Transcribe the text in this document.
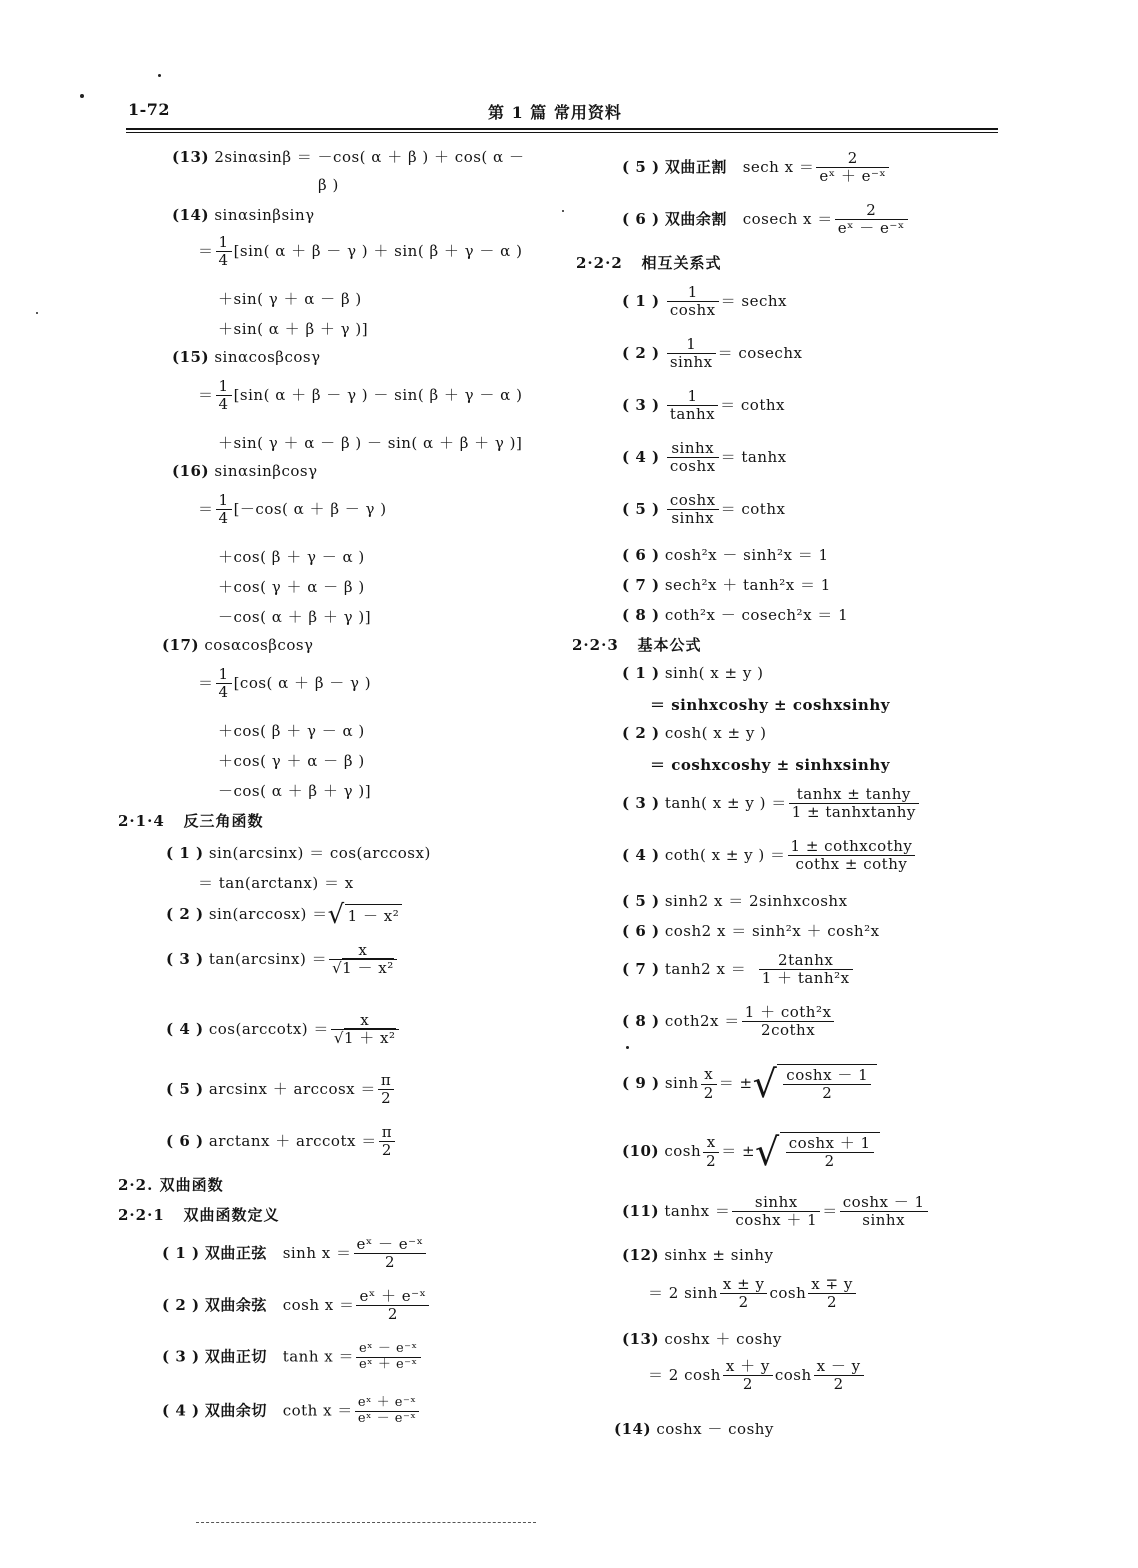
1-72	第 1 篇 常用资料
(13) 2sinαsinβ ＝ －cos( α ＋ β ) ＋ cos( α －
β )
(14) sinαsinβsinγ
＝ $\frac{1}{4} [\sin$( α ＋ β － γ ) ＋ sin( β ＋ γ － α )
＋sin( γ ＋ α － β )
＋sin( α ＋ β ＋ γ )]
(15) sinαcosβcosγ
＝ $\frac{1}{4} [\sin$( α ＋ β － γ ) － sin( β ＋ γ － α )
＋sin( γ ＋ α － β ) － sin( α ＋ β ＋ γ )]
(16) sinαsinβcosγ
＝ $\frac{1}{4} [-\cos$( α ＋ β － γ )
＋cos( β ＋ γ － α )
＋cos( γ ＋ α － β )
－cos( α ＋ β ＋ γ )]
(17) cosαcosβcosγ
＝ $\frac{1}{4} [\cos$( α ＋ β － γ )
＋cos( β ＋ γ － α )
＋cos( γ ＋ α － β )
－cos( α ＋ β ＋ γ )]
2·1·4 反三角函数
( 1 ) sin(arcsinx) ＝ cos(arccosx)
＝ tan(arctanx) ＝ x
( 2 ) sin(arccosx) ＝√ 1 － x²
( 3 ) $\tan(\arcsin x) = \frac{x}{\text{√1 － x²}}$
( 4 ) $\cos(arccotx) = \frac{x}{\text{√1 ＋ x²}}$
( 5 ) $\arcsin x + \arccos x = \frac{\pi}{2}$
( 6 ) $\arctan x + arccotx = \frac{\pi}{2}$
2·2. 双曲函数
2·2·1 双曲函数定义
( 1 ) 双曲正弦 $\sinh x = \frac{\text{eˣ － e⁻ˣ}}{2}$
( 2 ) 双曲余弦 $\cosh x = \frac{\text{eˣ ＋ e⁻ˣ}}{2}$
( 3 ) 双曲正切 $\tanh x = \frac{\text{eˣ － e⁻ˣ}}{\text{eˣ ＋ e⁻ˣ}}$
( 4 ) 双曲余切 coth $x = \frac{\text{eˣ ＋ e⁻ˣ}}{\text{eˣ － e⁻ˣ}}$
( 5 ) 双曲正割 sech $x = \frac{2}{\text{eˣ ＋ e⁻ˣ}}$
( 6 ) 双曲余割 cosech $x = \frac{2}{\text{eˣ － e⁻ˣ}}$
2·2·2 相互关系式
( 1 ) $\frac{1}{\cosh x}$ ＝ sechx
( 2 ) $\frac{1}{\sinh x}$ ＝ cosechx
( 3 ) $\frac{1}{\tanh x}$ ＝ cothx
( 4 ) $\frac{\sinh x}{\cosh x} = \tanh x$
( 5 ) $\frac{\cosh x}{\sinh x}$ ＝ cothx
( 6 ) cosh²x － sinh²x ＝ 1
( 7 ) sech²x ＋ tanh²x ＝ 1
( 8 ) coth²x － cosech²x ＝ 1
2·2·3 基本公式
( 1 ) sinh( x ± y )
＝ sinhxcoshy ± coshxsinhy
( 2 ) cosh( x ± y )
＝ coshxcoshy ± sinhxsinhy
( 3 ) tanh( x ± y ) ＝ $\frac{\tanh x \pm \tanh y}{\text{1 ± tanhxtanhy}}$
( 4 ) coth( x ± y ) ＝ $\frac{\text{1 ± cothxcothy}}{\text{cothx ± cothy}}$
( 5 ) sinh2 x ＝ 2sinhxcoshx
( 6 ) cosh2 x ＝ sinh²x ＋ cosh²x
( 7 ) tanh2 $x = \frac{2\tanh x}{\text{1 ＋ tanh²x}}$
( 8 ) $\cot h2x = \frac{\text{1 ＋ coth²x}}{\text{2cothx}}$
( 9 ) $\sinh \frac{x}{2}$ ＝ ±√ $\frac{\cosh x - 1}{2}$
(10) $\cosh \frac{x}{2}$ ＝ ±√ $\frac{\cosh x + 1}{2}$
(11) $\tanh x = \frac{\sinh x}{\cosh x + 1} = \frac{\cosh x - 1}{\sinh x}$
(12) sinhx ± sinhy
＝ 2 $\sinh \frac{x \pm y}{2}$ $\cosh \frac{x \mp y}{2}$
(13) coshx ＋ coshy
＝ 2 $\cosh \frac{x + y}{2}$ $\cosh \frac{x - y}{2}$
(14) coshx － coshy
